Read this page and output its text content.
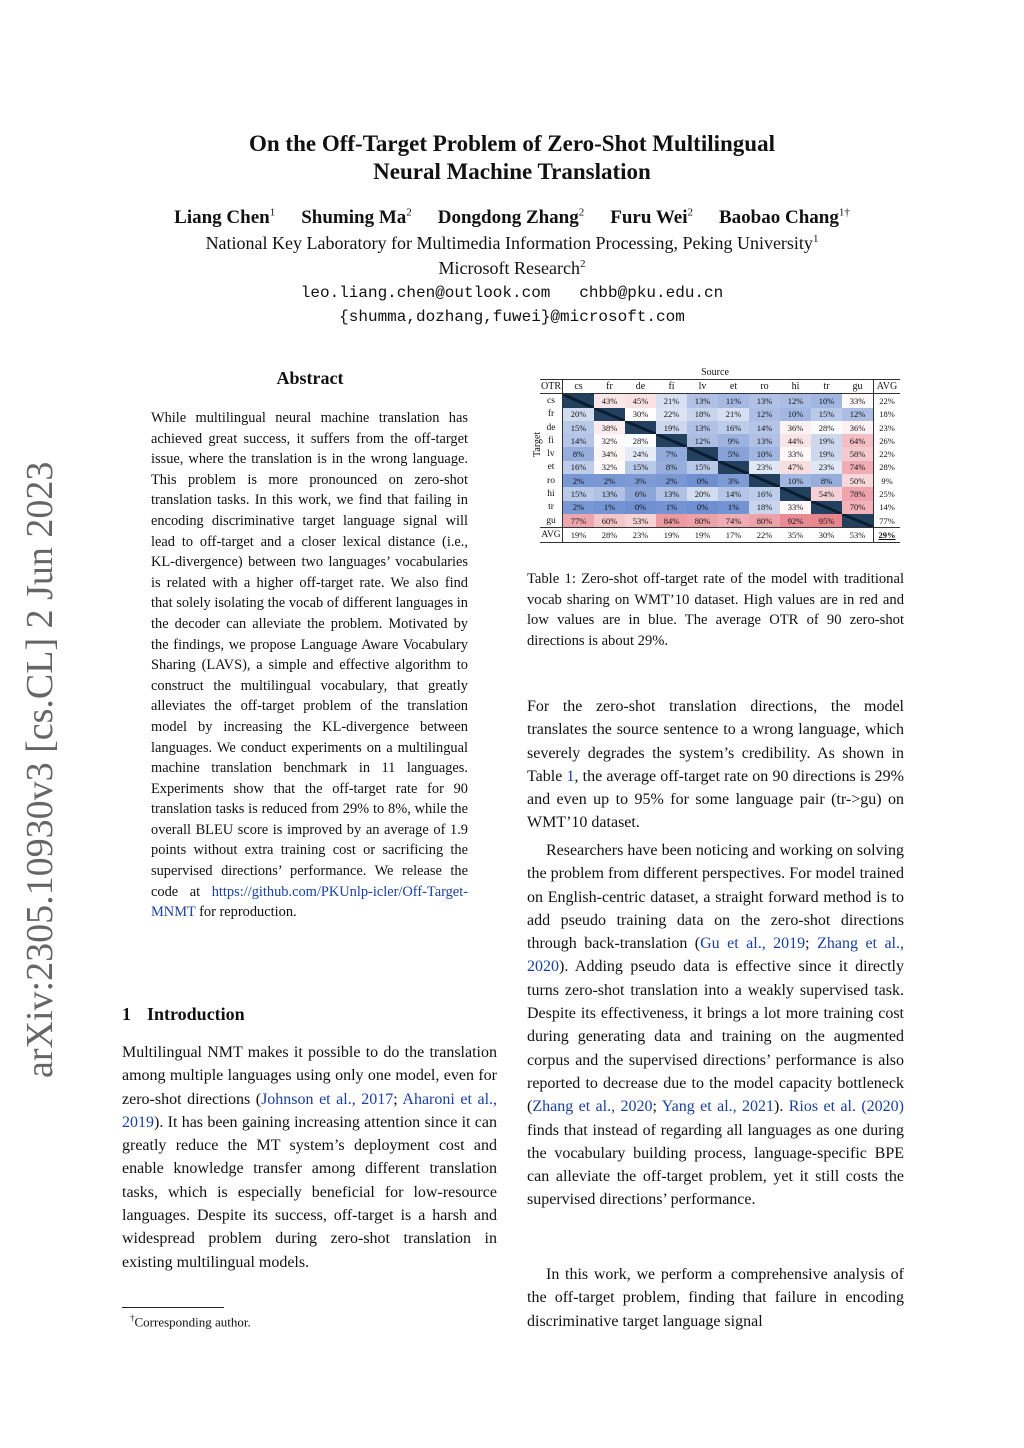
arXiv:2305.10930v3 [cs.CL] 2 Jun 2023
On the Off-Target Problem of Zero-Shot Multilingual
Neural Machine Translation
Liang Chen$^1$ Shuming Ma$^2$ Dongdong Zhang$^2$ Furu Wei$^2$ Baobao Chang$^{1\dagger}$
National Key Laboratory for Multimedia Information Processing, Peking University$^1$
Microsoft Research$^2$
leo.liang.chen@outlook.com   chbb@pku.edu.cn
{shumma,dozhang,fuwei}@microsoft.com
Abstract
While multilingual neural machine translation has achieved great success, it suffers from the off-target issue, where the translation is in the wrong language. This problem is more pronounced on zero-shot translation tasks. In this work, we find that failing in encoding discriminative target language signal will lead to off-target and a closer lexical distance (i.e., KL-divergence) between two languages’ vocabularies is related with a higher off-target rate. We also find that solely isolating the vocab of different languages in the decoder can alleviate the problem. Motivated by the findings, we propose Language Aware Vocabulary Sharing (LAVS), a simple and effective algorithm to construct the multilingual vocabulary, that greatly alleviates the off-target problem of the translation model by increasing the KL-divergence between languages. We conduct experiments on a multilingual machine translation benchmark in 11 languages. Experiments show that the off-target rate for 90 translation tasks is reduced from 29% to 8%, while the overall BLEU score is improved by an average of 1.9 points without extra training cost or sacrificing the supervised directions’ performance. We release the code at https://github.com/PKUnlp-icler/Off-Target-MNMT for reproduction.
1 Introduction
Multilingual NMT makes it possible to do the translation among multiple languages using only one model, even for zero-shot directions (Johnson et al., 2017; Aharoni et al., 2019). It has been gaining increasing attention since it can greatly reduce the MT system’s deployment cost and enable knowledge transfer among different translation tasks, which is especially beneficial for low-resource languages. Despite its success, off-target is a harsh and widespread problem during zero-shot translation in existing multilingual models.
†Corresponding author.
Source
Target
OTR	cs	fr	de	fi	lv	et	ro	hi	tr	gu	AVG
cs		43%	45%	21%	13%	11%	13%	12%	10%	33%	22%
fr	20%		30%	22%	18%	21%	12%	10%	15%	12%	18%
de	15%	38%		19%	13%	16%	14%	36%	28%	36%	23%
fi	14%	32%	28%		12%	9%	13%	44%	19%	64%	26%
lv	8%	34%	24%	7%		5%	10%	33%	19%	58%	22%
et	16%	32%	15%	8%	15%		23%	47%	23%	74%	28%
ro	2%	2%	3%	2%	0%	3%		10%	8%	50%	9%
hi	15%	13%	6%	13%	20%	14%	16%		54%	78%	25%
tr	2%	1%	0%	1%	0%	1%	18%	33%		70%	14%
gu	77%	60%	53%	84%	80%	74%	80%	92%	95%		77%
AVG	19%	28%	23%	19%	19%	17%	22%	35%	30%	53%	29%
Table 1: Zero-shot off-target rate of the model with traditional vocab sharing on WMT’10 dataset. High values are in red and low values are in blue. The average OTR of 90 zero-shot directions is about 29%.
For the zero-shot translation directions, the model translates the source sentence to a wrong language, which severely degrades the system’s credibility. As shown in Table 1, the average off-target rate on 90 directions is 29% and even up to 95% for some language pair (tr->gu) on WMT’10 dataset.
Researchers have been noticing and working on solving the problem from different perspectives. For model trained on English-centric dataset, a straight forward method is to add pseudo training data on the zero-shot directions through back-translation (Gu et al., 2019; Zhang et al., 2020). Adding pseudo data is effective since it directly turns zero-shot translation into a weakly supervised task. Despite its effectiveness, it brings a lot more training cost during generating data and training on the augmented corpus and the supervised directions’ performance is also reported to decrease due to the model capacity bottleneck (Zhang et al., 2020; Yang et al., 2021). Rios et al. (2020) finds that instead of regarding all languages as one during the vocabulary building process, language-specific BPE can alleviate the off-target problem, yet it still costs the supervised directions’ performance.
In this work, we perform a comprehensive analysis of the off-target problem, finding that failure in encoding discriminative target language signal
